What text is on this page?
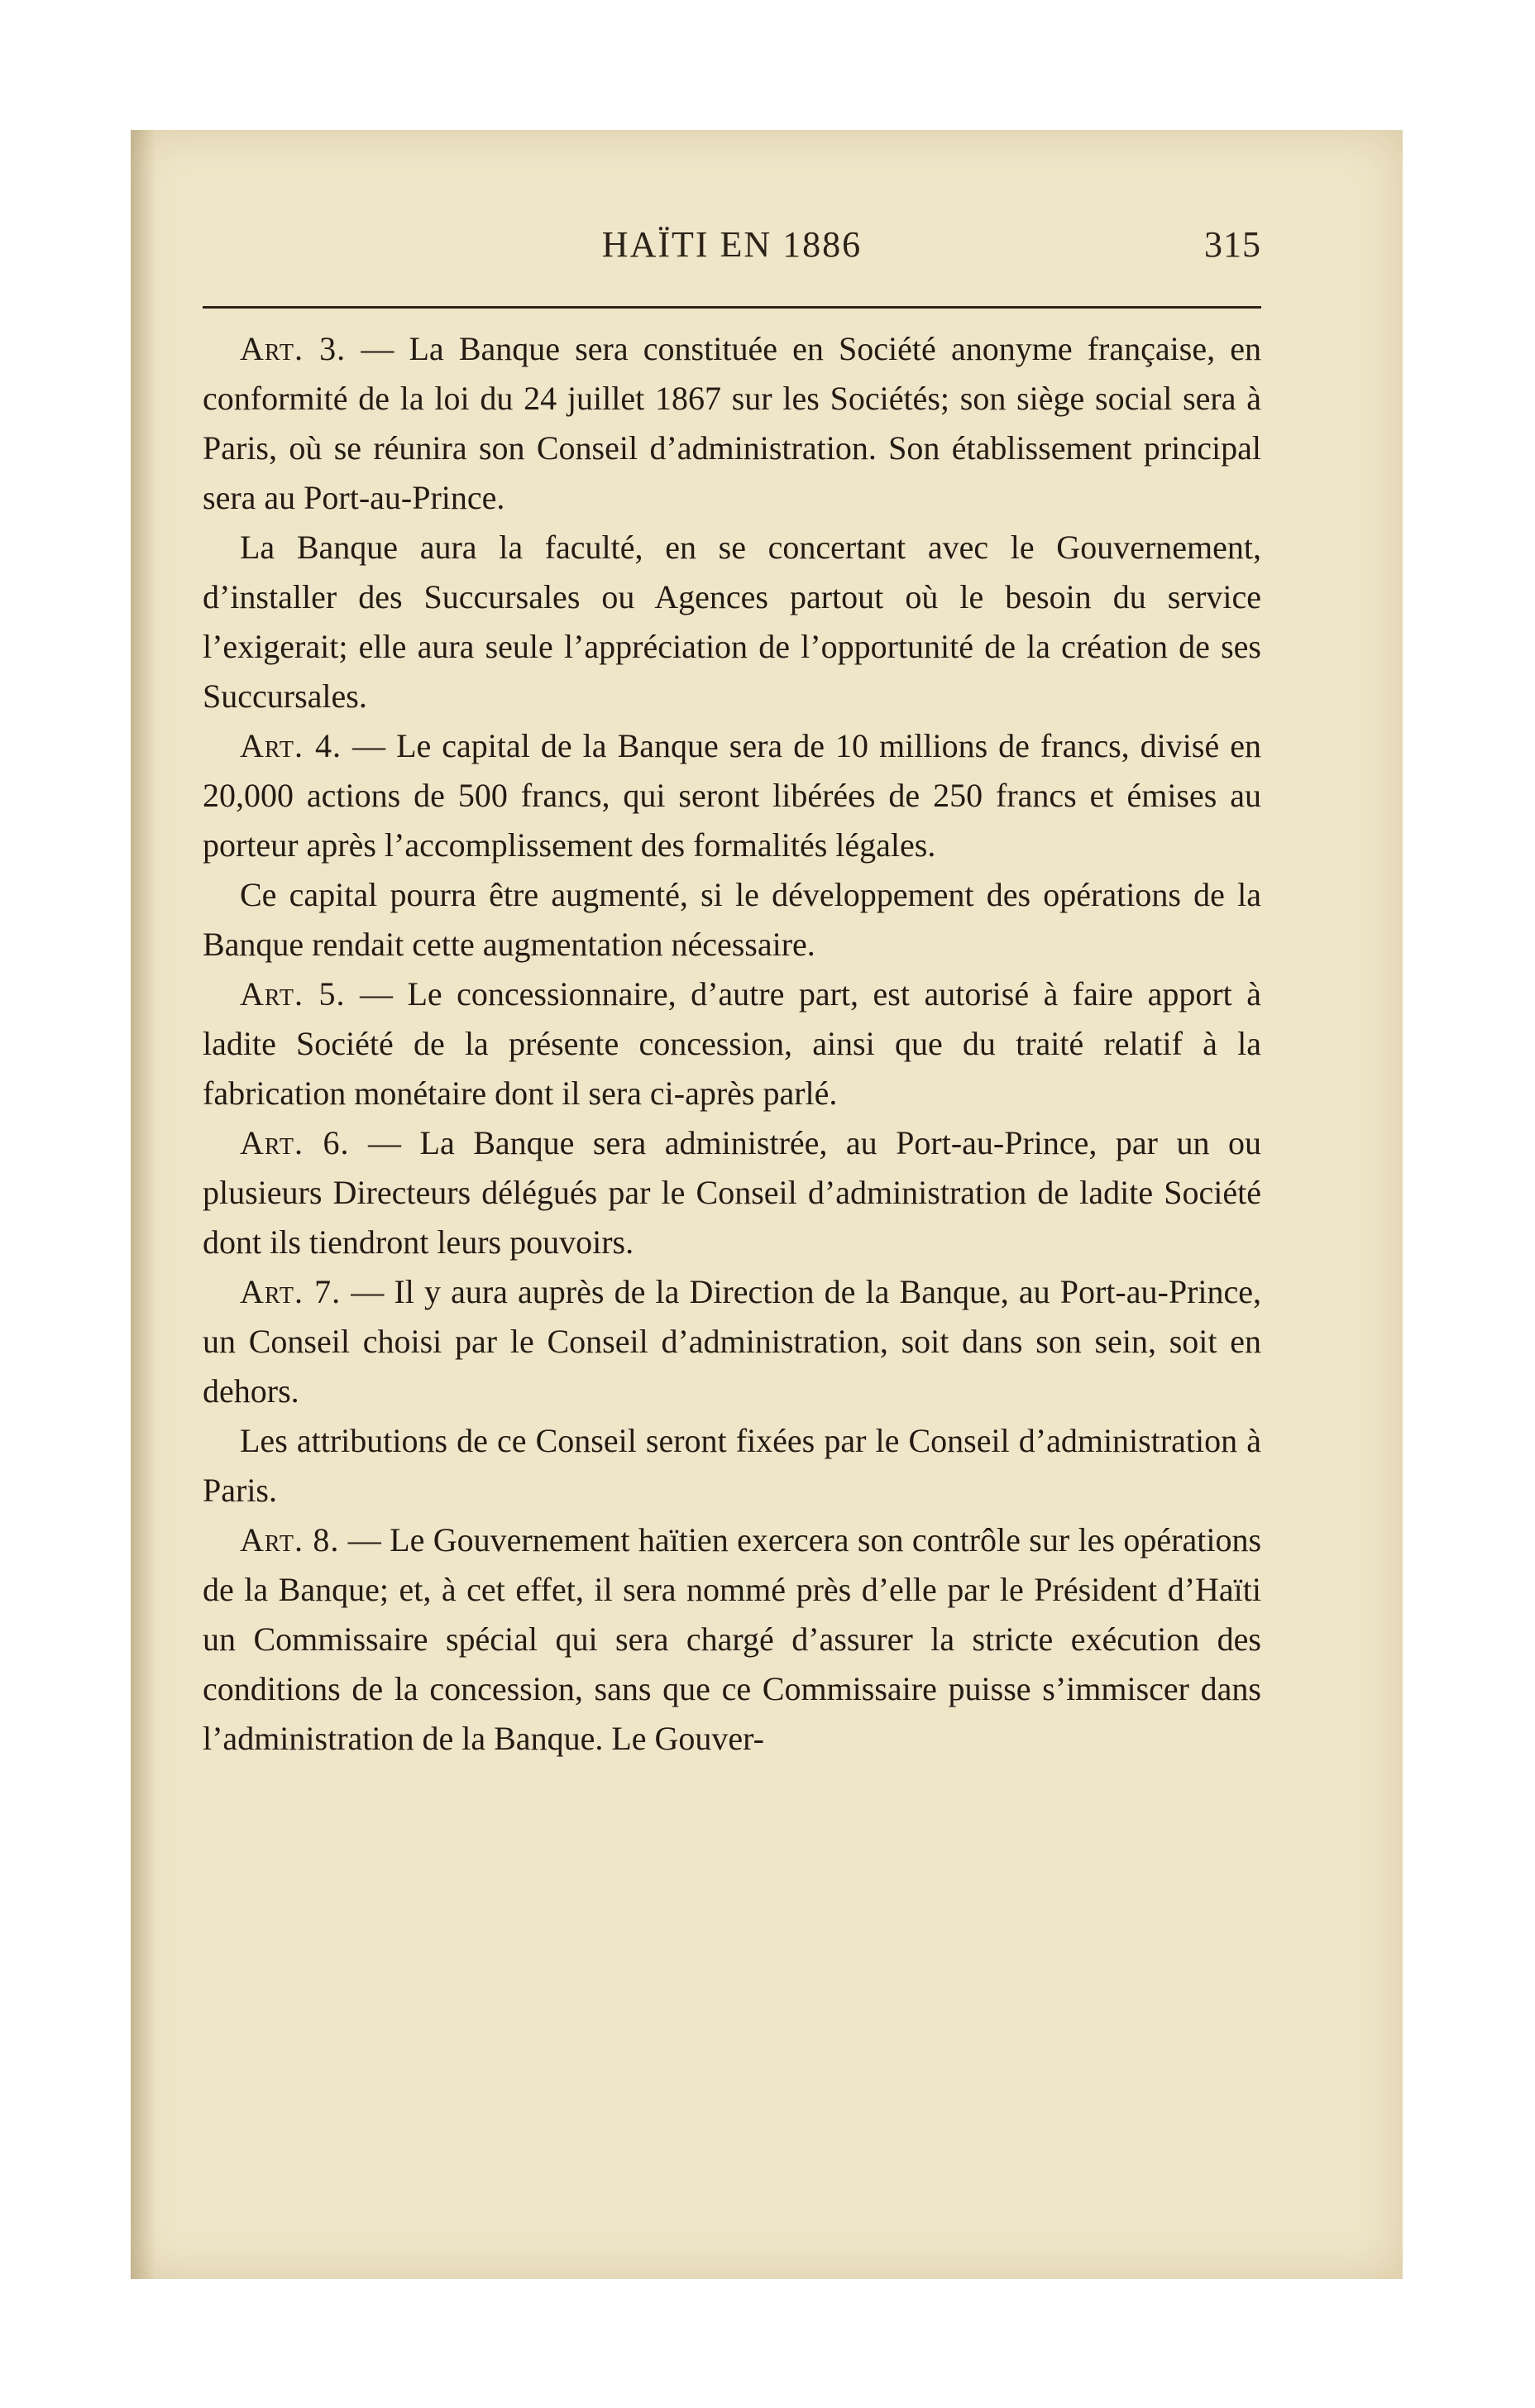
HAÏTI EN 1886	315

Art. 3. — La Banque sera constituée en Société anonyme française, en conformité de la loi du 24 juillet 1867 sur les Sociétés; son siège social sera à Paris, où se réunira son Conseil d’administration. Son établissement principal sera au Port-au-Prince.

La Banque aura la faculté, en se concertant avec le Gouvernement, d’installer des Succursales ou Agences partout où le besoin du service l’exigerait; elle aura seule l’appréciation de l’opportunité de la création de ses Succursales.

Art. 4. — Le capital de la Banque sera de 10 millions de francs, divisé en 20,000 actions de 500 francs, qui seront libérées de 250 francs et émises au porteur après l’accomplissement des formalités légales.

Ce capital pourra être augmenté, si le développement des opérations de la Banque rendait cette augmentation nécessaire.

Art. 5. — Le concessionnaire, d’autre part, est autorisé à faire apport à ladite Société de la présente concession, ainsi que du traité relatif à la fabrication monétaire dont il sera ci-après parlé.

Art. 6. — La Banque sera administrée, au Port-au-Prince, par un ou plusieurs Directeurs délégués par le Conseil d’administration de ladite Société dont ils tiendront leurs pouvoirs.

Art. 7. — Il y aura auprès de la Direction de la Banque, au Port-au-Prince, un Conseil choisi par le Conseil d’administration, soit dans son sein, soit en dehors.

Les attributions de ce Conseil seront fixées par le Conseil d’administration à Paris.

Art. 8. — Le Gouvernement haïtien exercera son contrôle sur les opérations de la Banque; et, à cet effet, il sera nommé près d’elle par le Président d’Haïti un Commissaire spécial qui sera chargé d’assurer la stricte exécution des conditions de la concession, sans que ce Commissaire puisse s’immiscer dans l’administration de la Banque. Le Gouver-
